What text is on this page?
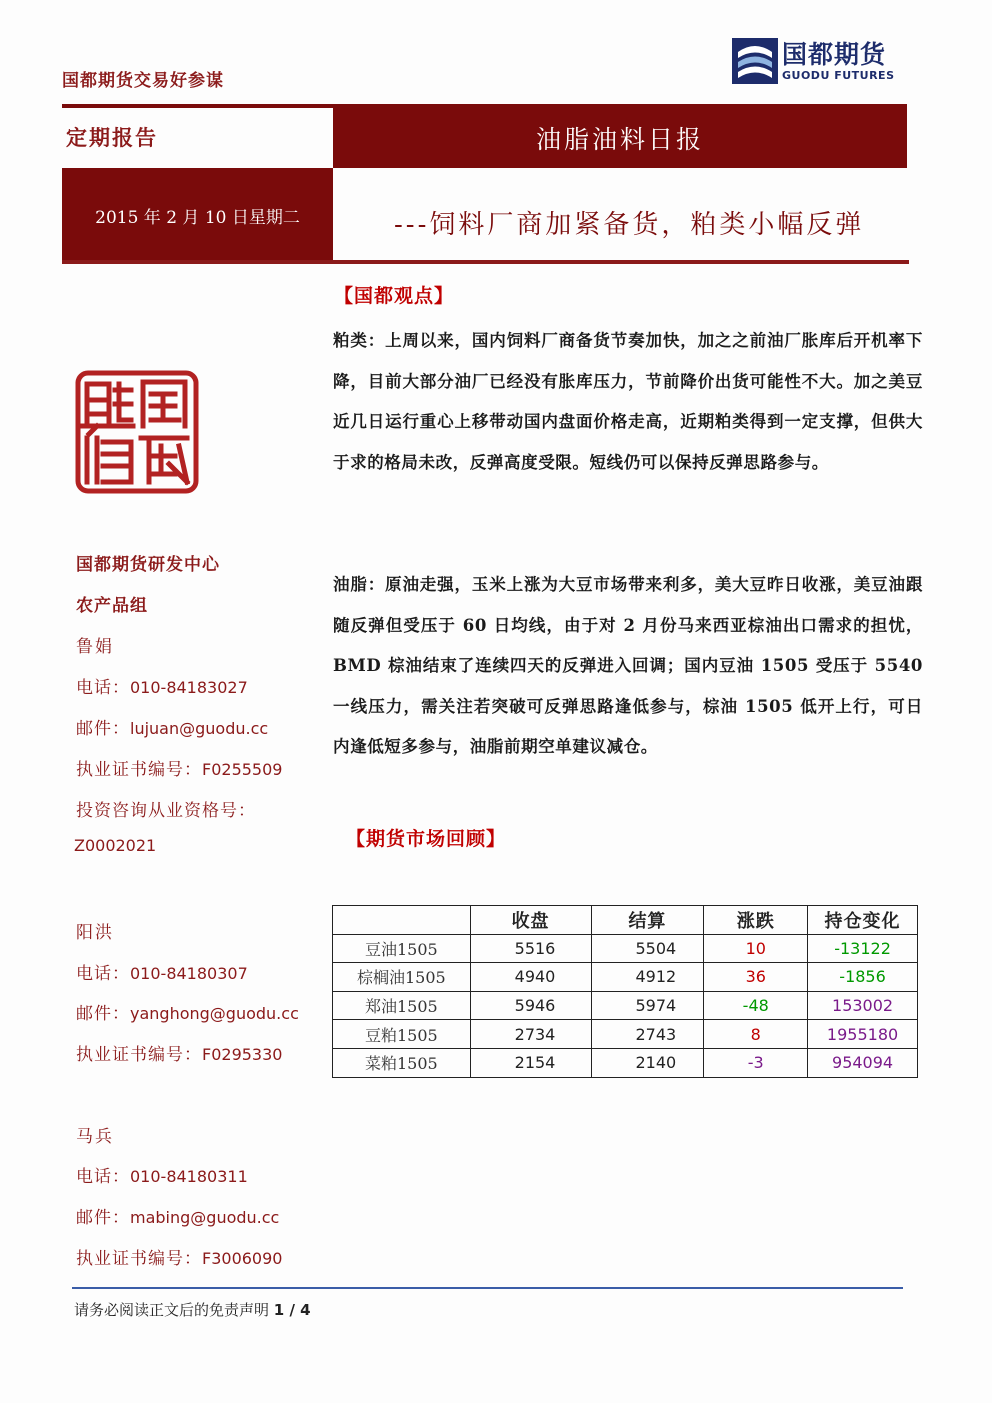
国都期货交易好参谋
国都期货
GUODU FUTURES
定期报告	油脂油料日报
2015 年 2 月 10 日星期二	---饲料厂商加紧备货，粕类小幅反弹
国都期货研发中心
农产品组
鲁娟
电话：010-84183027
邮件：lujuan@guodu.cc
执业证书编号：F0255509
投资咨询从业资格号：
Z0002021
阳洪
电话：010-84180307
邮件：yanghong@guodu.cc
执业证书编号：F0295330
马兵
电话：010-84180311
邮件：mabing@guodu.cc
执业证书编号：F3006090
【国都观点】
粕类：上周以来，国内饲料厂商备货节奏加快，加之之前油厂胀库后开机率下降，目前大部分油厂已经没有胀库压力，节前降价出货可能性不大。加之美豆近几日运行重心上移带动国内盘面价格走高，近期粕类得到一定支撑，但供大于求的格局未改，反弹高度受限。短线仍可以保持反弹思路参与。
油脂：原油走强，玉米上涨为大豆市场带来利多，美大豆昨日收涨，美豆油跟随反弹但受压于 60 日均线，由于对 2 月份马来西亚棕油出口需求的担忧，BMD 棕油结束了连续四天的反弹进入回调；国内豆油 1505 受压于 5540 一线压力，需关注若突破可反弹思路逢低参与，棕油 1505 低开上行，可日内逢低短多参与，油脂前期空单建议减仓。
【期货市场回顾】
	收盘	结算	涨跌	持仓变化
豆油1505	5516	5504	10	-13122
棕榈油1505	4940	4912	36	-1856
郑油1505	5946	5974	-48	153002
豆粕1505	2734	2743	8	1955180
菜粕1505	2154	2140	-3	954094
请务必阅读正文后的免责声明 1 / 4
